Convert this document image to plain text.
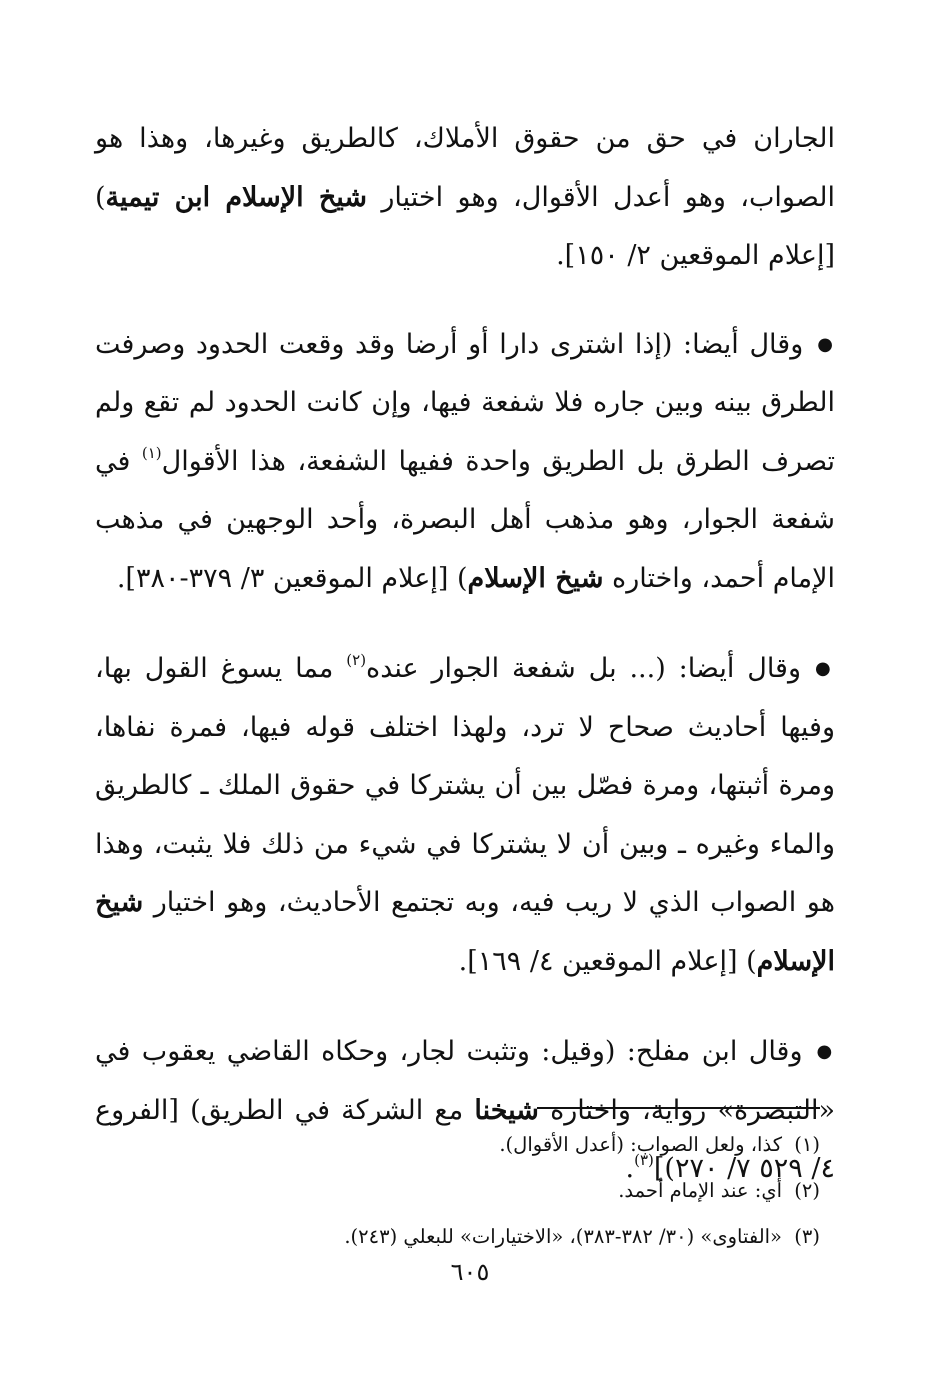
الجاران في حق من حقوق الأملاك، كالطريق وغيرها، وهذا هو الصواب، وهو أعدل الأقوال، وهو اختيار شيخ الإسلام ابن تيمية) [إعلام الموقعين ٢/ ١٥٠].

●وقال أيضا: (إذا اشترى دارا أو أرضا وقد وقعت الحدود وصرفت الطرق بينه وبين جاره فلا شفعة فيها، وإن كانت الحدود لم تقع ولم تصرف الطرق بل الطريق واحدة ففيها الشفعة، هذا الأقوال$^{(١)}$ في شفعة الجوار، وهو مذهب أهل البصرة، وأحد الوجهين في مذهب الإمام أحمد، واختاره شيخ الإسلام) [إعلام الموقعين ٣/ ٣٧٩-٣٨٠].

●وقال أيضا: (... بل شفعة الجوار عنده$^{(٢)}$ مما يسوغ القول بها، وفيها أحاديث صحاح لا ترد، ولهذا اختلف قوله فيها، فمرة نفاها، ومرة أثبتها، ومرة فصّل بين أن يشتركا في حقوق الملك ـ كالطريق والماء وغيره ـ وبين أن لا يشتركا في شيء من ذلك فلا يثبت، وهذا هو الصواب الذي لا ريب فيه، وبه تجتمع الأحاديث، وهو اختيار شيخ الإسلام) [إعلام الموقعين ٤/ ١٦٩].

●وقال ابن مفلح: (وقيل: وتثبت لجار، وحكاه القاضي يعقوب في «التبصرة» رواية، واختاره شيخنا مع الشركة في الطريق) [الفروع ٤/ ٥٢٩ ٧/ ٢٧٠)]$^{(٣)}$.

(١)كذا، ولعل الصواب: (أعدل الأقوال).
(٢)أي: عند الإمام أحمد.
(٣)«الفتاوى» (٣٠/ ٣٨٢-٣٨٣)، «الاختيارات» للبعلي (٢٤٣).
٦٠٥
